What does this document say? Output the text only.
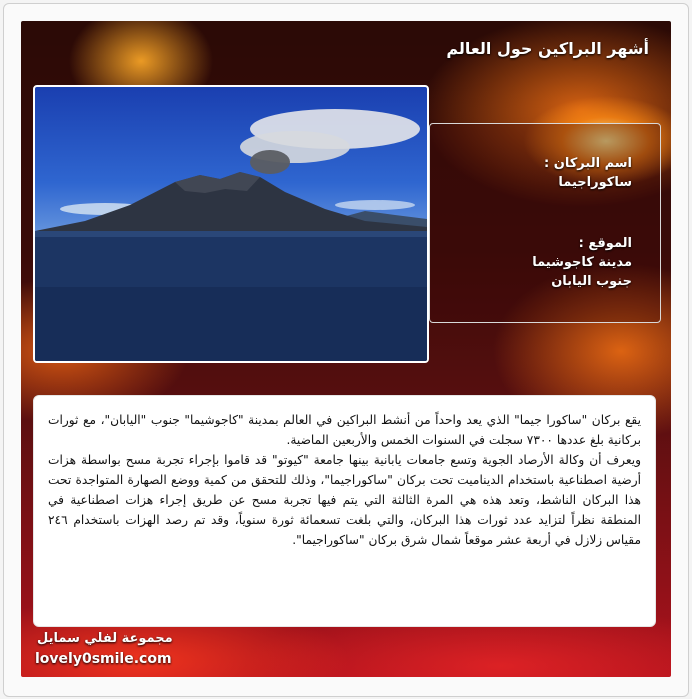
أشهر البراكين حول العالم
اسم البركان :
ساكوراجيما
الموقع :
مدينة كاجوشيما
جنوب اليابان

يقع بركان "ساكورا جيما" الذي يعد واحداً من أنشط البراكين في العالم بمدينة "كاجوشيما" جنوب "اليابان"، مع ثورات بركانية بلغ عددها ٧٣٠٠ سجلت في السنوات الخمس والأربعين الماضية.

ويعرف أن وكالة الأرصاد الجوية وتسع جامعات يابانية بينها جامعة "كيوتو" قد قاموا بإجراء تجربة مسح بواسطة هزات أرضية اصطناعية باستخدام الديناميت تحت بركان "ساكوراجيما"، وذلك للتحقق من كمية ووضع الصهارة المتواجدة تحت هذا البركان الناشط، وتعد هذه هي المرة الثالثة التي يتم فيها تجربة مسح عن طريق إجراء هزات اصطناعية في المنطقة نظراً لتزايد عدد ثورات هذا البركان، والتي بلغت تسعمائة ثورة سنوياً، وقد تم رصد الهزات باستخدام ٢٤٦ مقياس زلازل في أربعة عشر موقعاً شمال شرق بركان "ساكوراجيما".

مجموعة لفلي سمايل
lovely0smile.com
